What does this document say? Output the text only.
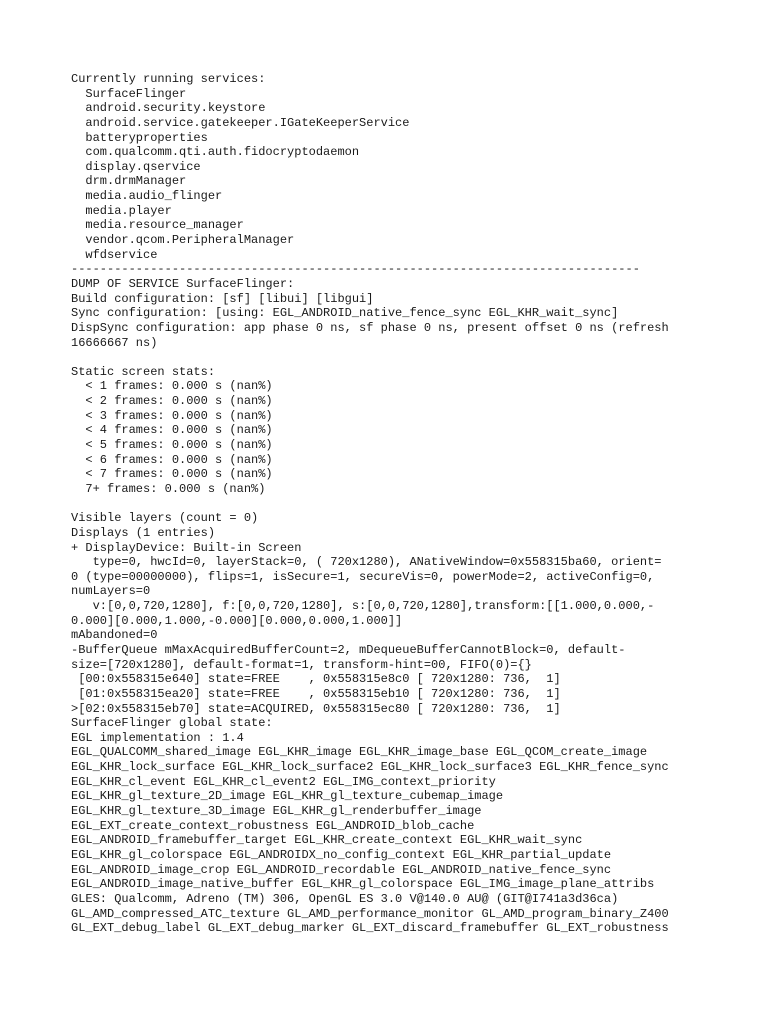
Currently running services:
SurfaceFlinger
android.security.keystore
android.service.gatekeeper.IGateKeeperService
batteryproperties
com.qualcomm.qti.auth.fidocryptodaemon
display.qservice
drm.drmManager
media.audio_flinger
media.player
media.resource_manager
vendor.qcom.PeripheralManager
wfdservice
-------------------------------------------------------------------------------
DUMP OF SERVICE SurfaceFlinger:
Build configuration: [sf] [libui] [libgui]
Sync configuration: [using: EGL_ANDROID_native_fence_sync EGL_KHR_wait_sync]
DispSync configuration: app phase 0 ns, sf phase 0 ns, present offset 0 ns (refresh
16666667 ns)
Static screen stats:
< 1 frames: 0.000 s (nan%)
< 2 frames: 0.000 s (nan%)
< 3 frames: 0.000 s (nan%)
< 4 frames: 0.000 s (nan%)
< 5 frames: 0.000 s (nan%)
< 6 frames: 0.000 s (nan%)
< 7 frames: 0.000 s (nan%)
7+ frames: 0.000 s (nan%)
Visible layers (count = 0)
Displays (1 entries)
+ DisplayDevice: Built-in Screen
type=0, hwcId=0, layerStack=0, ( 720x1280), ANativeWindow=0x558315ba60, orient=
0 (type=00000000), flips=1, isSecure=1, secureVis=0, powerMode=2, activeConfig=0,
numLayers=0
v:[0,0,720,1280], f:[0,0,720,1280], s:[0,0,720,1280],transform:[[1.000,0.000,-
0.000][0.000,1.000,-0.000][0.000,0.000,1.000]]
mAbandoned=0
-BufferQueue mMaxAcquiredBufferCount=2, mDequeueBufferCannotBlock=0, default-
size=[720x1280], default-format=1, transform-hint=00, FIFO(0)={}
[00:0x558315e640] state=FREE    , 0x558315e8c0 [ 720x1280: 736,  1]
[01:0x558315ea20] state=FREE    , 0x558315eb10 [ 720x1280: 736,  1]
>[02:0x558315eb70] state=ACQUIRED, 0x558315ec80 [ 720x1280: 736,  1]
SurfaceFlinger global state:
EGL implementation : 1.4
EGL_QUALCOMM_shared_image EGL_KHR_image EGL_KHR_image_base EGL_QCOM_create_image
EGL_KHR_lock_surface EGL_KHR_lock_surface2 EGL_KHR_lock_surface3 EGL_KHR_fence_sync
EGL_KHR_cl_event EGL_KHR_cl_event2 EGL_IMG_context_priority
EGL_KHR_gl_texture_2D_image EGL_KHR_gl_texture_cubemap_image
EGL_KHR_gl_texture_3D_image EGL_KHR_gl_renderbuffer_image
EGL_EXT_create_context_robustness EGL_ANDROID_blob_cache
EGL_ANDROID_framebuffer_target EGL_KHR_create_context EGL_KHR_wait_sync
EGL_KHR_gl_colorspace EGL_ANDROIDX_no_config_context EGL_KHR_partial_update
EGL_ANDROID_image_crop EGL_ANDROID_recordable EGL_ANDROID_native_fence_sync
EGL_ANDROID_image_native_buffer EGL_KHR_gl_colorspace EGL_IMG_image_plane_attribs
GLES: Qualcomm, Adreno (TM) 306, OpenGL ES 3.0 V@140.0 AU@ (GIT@I741a3d36ca)
GL_AMD_compressed_ATC_texture GL_AMD_performance_monitor GL_AMD_program_binary_Z400
GL_EXT_debug_label GL_EXT_debug_marker GL_EXT_discard_framebuffer GL_EXT_robustness
